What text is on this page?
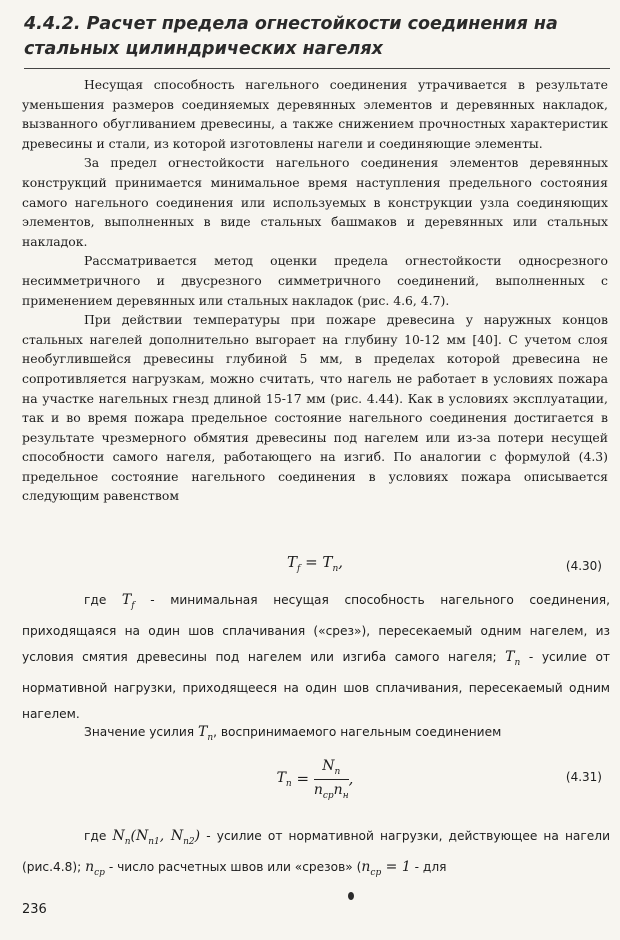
4.4.2. Расчет предела огнестойкости соединения на
стальных цилиндрических нагелях

Несущая способность нагельного соединения утрачивается в результате уменьшения размеров соединяемых деревянных элементов и деревянных накладок, вызванного обугливанием древесины, а также снижением прочностных характеристик древесины и стали, из которой изготовлены нагели и соединяющие элементы.

За предел огнестойкости нагельного соединения элементов деревянных конструкций принимается минимальное время наступления предельного состояния самого нагельного соединения или используемых в конструкции узла соединяющих элементов, выполненных в виде стальных башмаков и деревянных или стальных накладок.

Рассматривается метод оценки предела огнестойкости односрезного несимметричного и двусрезного симметричного соединений, выполненных с применением деревянных или стальных накладок (рис. 4.6, 4.7).

При действии температуры при пожаре древесина у наружных концов стальных нагелей дополнительно выгорает на глубину 10-12 мм [40]. С учетом слоя необуглившейся древесины глубиной 5 мм, в пределах которой древесина не сопротивляется нагрузкам, можно считать, что нагель не работает в условиях пожара на участке нагельных гнезд длиной 15-17 мм (рис. 4.44). Как в условиях эксплуатации, так и во время пожара предельное состояние нагельного соединения достигается в результате чрезмерного обмятия древесины под нагелем или из-за потери несущей способности самого нагеля, работающего на изгиб. По аналогии с формулой (4.3) предельное состояние нагельного соединения в условиях пожара описывается следующим равенством

$T_f = T_n$,	(4.30)

где $T_f$ - минимальная несущая способность нагельного соединения, приходящаяся на один шов сплачивания («срез»), пересекаемый одним нагелем, из условия смятия древесины под нагелем или изгиба самого нагеля; $T_n$ - усилие от нормативной нагрузки, приходящееся на один шов сплачивания, пересекаемый одним нагелем.

Значение усилия $T_n$, воспринимаемого нагельным соединением

$T_n = \frac{N_n}{n_{cp}n_н}$ ,	(4.31)

где $N_n(N_{n1}$, $N_{n2}$) - усилие от нормативной нагрузки, действующее на нагели (рис.4.8); $n_{cp}$ - число расчетных швов или «срезов» ($n_{cp} = 1$ - для

236
